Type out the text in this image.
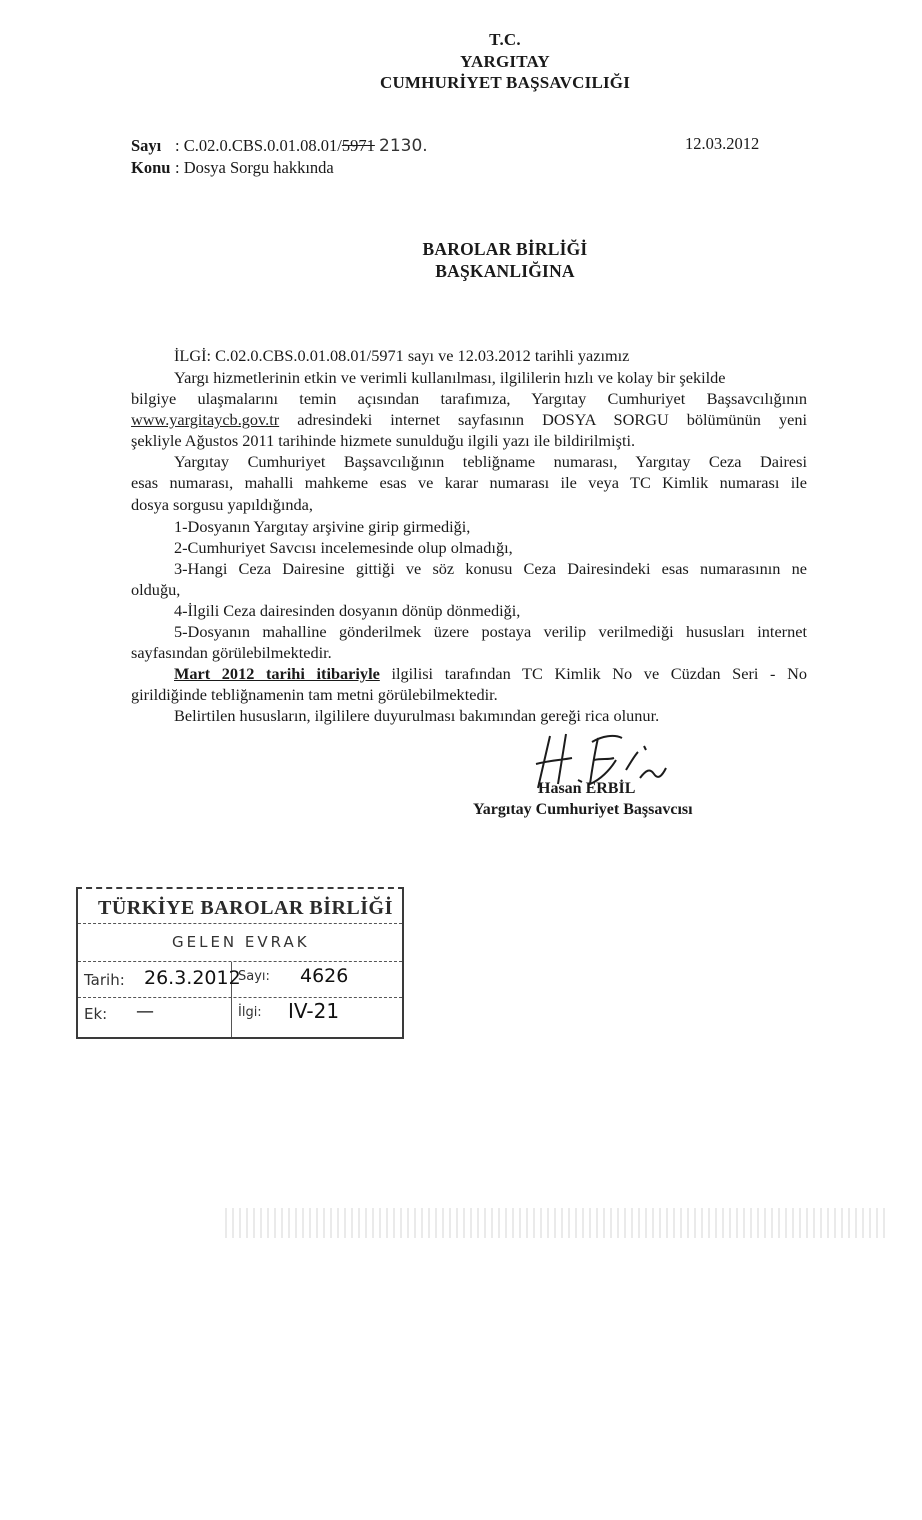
T.C.
YARGITAY
CUMHURİYET BAŞSAVCILIĞI
Sayı : C.02.0.CBS.0.01.08.01/5971 2130.
Konu : Dosya Sorgu hakkında
12.03.2012
BAROLAR BİRLİĞİ
BAŞKANLIĞINA
İLGİ: C.02.0.CBS.0.01.08.01/5971 sayı ve 12.03.2012 tarihli yazımız
Yargı hizmetlerinin etkin ve verimli kullanılması, ilgililerin hızlı ve kolay bir şekilde
bilgiye ulaşmalarını temin açısından tarafımıza, Yargıtay Cumhuriyet Başsavcılığının
www.yargitaycb.gov.tr adresindeki internet sayfasının DOSYA SORGU bölümünün yeni
şekliyle Ağustos 2011 tarihinde hizmete sunulduğu ilgili yazı ile bildirilmişti.
Yargıtay Cumhuriyet Başsavcılığının tebliğname numarası, Yargıtay Ceza Dairesi
esas numarası, mahalli mahkeme esas ve karar numarası ile veya TC Kimlik numarası ile
dosya sorgusu yapıldığında,
1-Dosyanın Yargıtay arşivine girip girmediği,
2-Cumhuriyet Savcısı incelemesinde olup olmadığı,
3-Hangi Ceza Dairesine gittiği ve söz konusu Ceza Dairesindeki esas numarasının ne
olduğu,
4-İlgili Ceza dairesinden dosyanın dönüp dönmediği,
5-Dosyanın mahalline gönderilmek üzere postaya verilip verilmediği hususları internet
sayfasından görülebilmektedir.
Mart 2012 tarihi itibariyle ilgilisi tarafından TC Kimlik No ve Cüzdan Seri - No
girildiğinde tebliğnamenin tam metni görülebilmektedir.
Belirtilen hususların, ilgililere duyurulması bakımından gereği rica olunur.
Hasan ERBİL
Yargıtay Cumhuriyet Başsavcısı
TÜRKİYE BAROLAR BİRLİĞİ
GELEN EVRAK
Tarih: 26.3.2012
Sayı: 4626
Ek: —	İlgi: IV-21
